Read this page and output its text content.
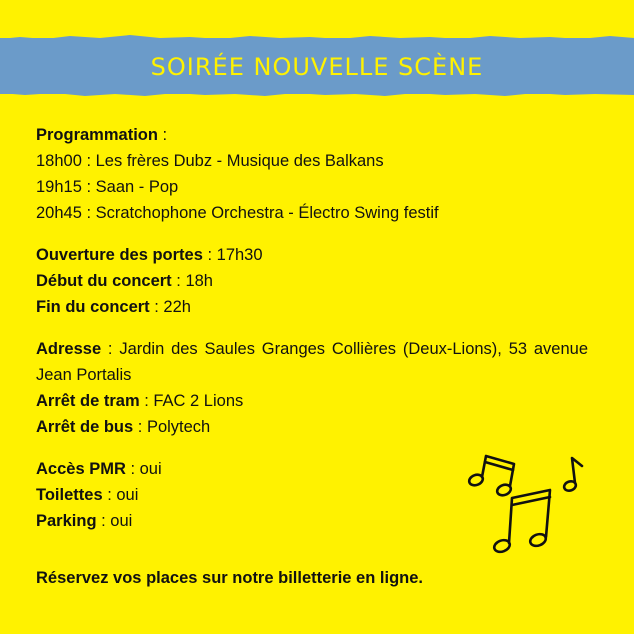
SOIRÉE NOUVELLE SCÈNE

Programmation :

18h00 : Les frères Dubz - Musique des Balkans

19h15 : Saan - Pop

20h45 : Scratchophone Orchestra - Électro Swing festif

Ouverture des portes : 17h30

Début du concert : 18h

Fin du concert : 22h

Adresse : Jardin des Saules Granges Collières (Deux-Lions), 53 avenue Jean Portalis

Arrêt de tram : FAC 2 Lions

Arrêt de bus : Polytech

Accès PMR : oui

Toilettes : oui

Parking : oui

Réservez vos places sur notre billetterie en ligne.
